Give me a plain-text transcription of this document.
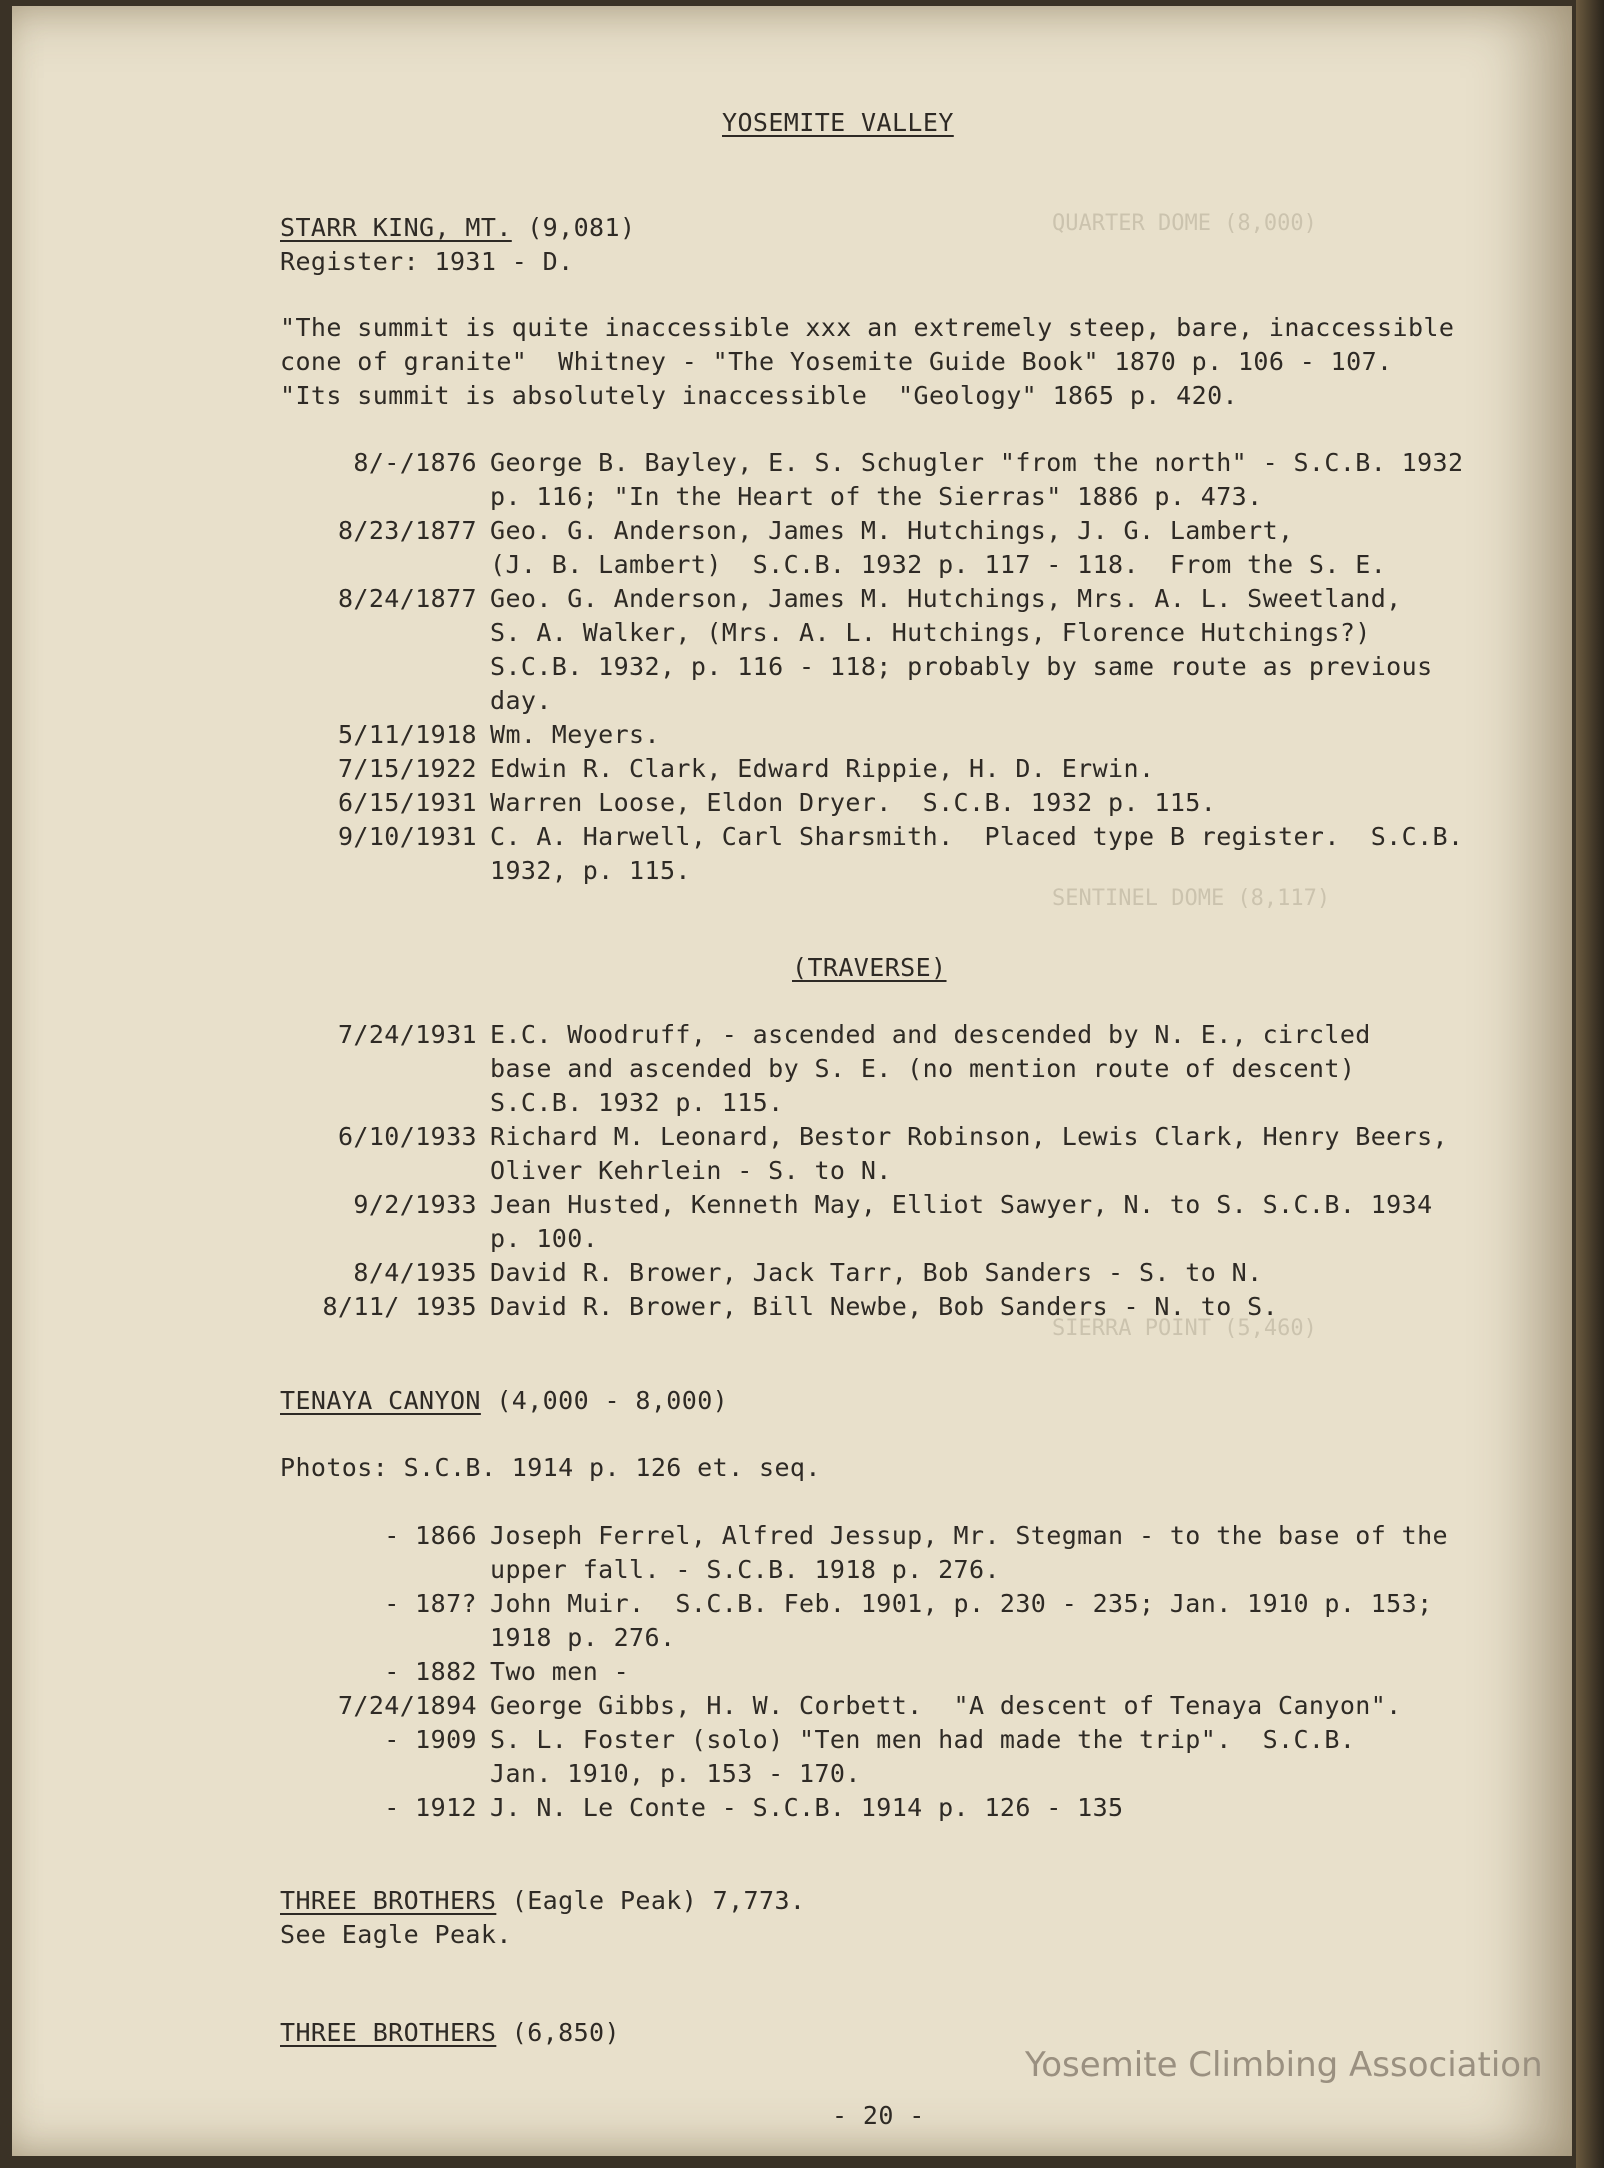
QUARTER DOME (8,000)
SENTINEL DOME (8,117)
SIERRA POINT (5,460)
YOSEMITE VALLEY
STARR KING, MT. (9,081)
Register: 1931 - D.
"The summit is quite inaccessible xxx an extremely steep, bare, inaccessible
cone of granite"  Whitney - "The Yosemite Guide Book" 1870 p. 106 - 107.
"Its summit is absolutely inaccessible  "Geology" 1865 p. 420.
8/-/1876 George B. Bayley, E. S. Schugler "from the north" - S.C.B. 1932
p. 116; "In the Heart of the Sierras" 1886 p. 473.
8/23/1877 Geo. G. Anderson, James M. Hutchings, J. G. Lambert,
(J. B. Lambert)  S.C.B. 1932 p. 117 - 118.  From the S. E.
8/24/1877 Geo. G. Anderson, James M. Hutchings, Mrs. A. L. Sweetland,
S. A. Walker, (Mrs. A. L. Hutchings, Florence Hutchings?)
S.C.B. 1932, p. 116 - 118; probably by same route as previous
day.
5/11/1918 Wm. Meyers.
7/15/1922 Edwin R. Clark, Edward Rippie, H. D. Erwin.
6/15/1931 Warren Loose, Eldon Dryer.  S.C.B. 1932 p. 115.
9/10/1931 C. A. Harwell, Carl Sharsmith.  Placed type B register.  S.C.B.
1932, p. 115.
(TRAVERSE)
7/24/1931 E.C. Woodruff, - ascended and descended by N. E., circled
base and ascended by S. E. (no mention route of descent)
S.C.B. 1932 p. 115.
6/10/1933 Richard M. Leonard, Bestor Robinson, Lewis Clark, Henry Beers,
Oliver Kehrlein - S. to N.
9/2/1933 Jean Husted, Kenneth May, Elliot Sawyer, N. to S. S.C.B. 1934
p. 100.
8/4/1935 David R. Brower, Jack Tarr, Bob Sanders - S. to N.
8/11/ 1935 David R. Brower, Bill Newbe, Bob Sanders - N. to S.
TENAYA CANYON (4,000 - 8,000)
Photos: S.C.B. 1914 p. 126 et. seq.
- 1866 Joseph Ferrel, Alfred Jessup, Mr. Stegman - to the base of the
upper fall. - S.C.B. 1918 p. 276.
- 187? John Muir.  S.C.B. Feb. 1901, p. 230 - 235; Jan. 1910 p. 153;
1918 p. 276.
- 1882 Two men -
7/24/1894 George Gibbs, H. W. Corbett.  "A descent of Tenaya Canyon".
- 1909 S. L. Foster (solo) "Ten men had made the trip".  S.C.B.
Jan. 1910, p. 153 - 170.
- 1912 J. N. Le Conte - S.C.B. 1914 p. 126 - 135
THREE BROTHERS (Eagle Peak) 7,773.
See Eagle Peak.
THREE BROTHERS (6,850)
- 20 -
Yosemite Climbing Association
